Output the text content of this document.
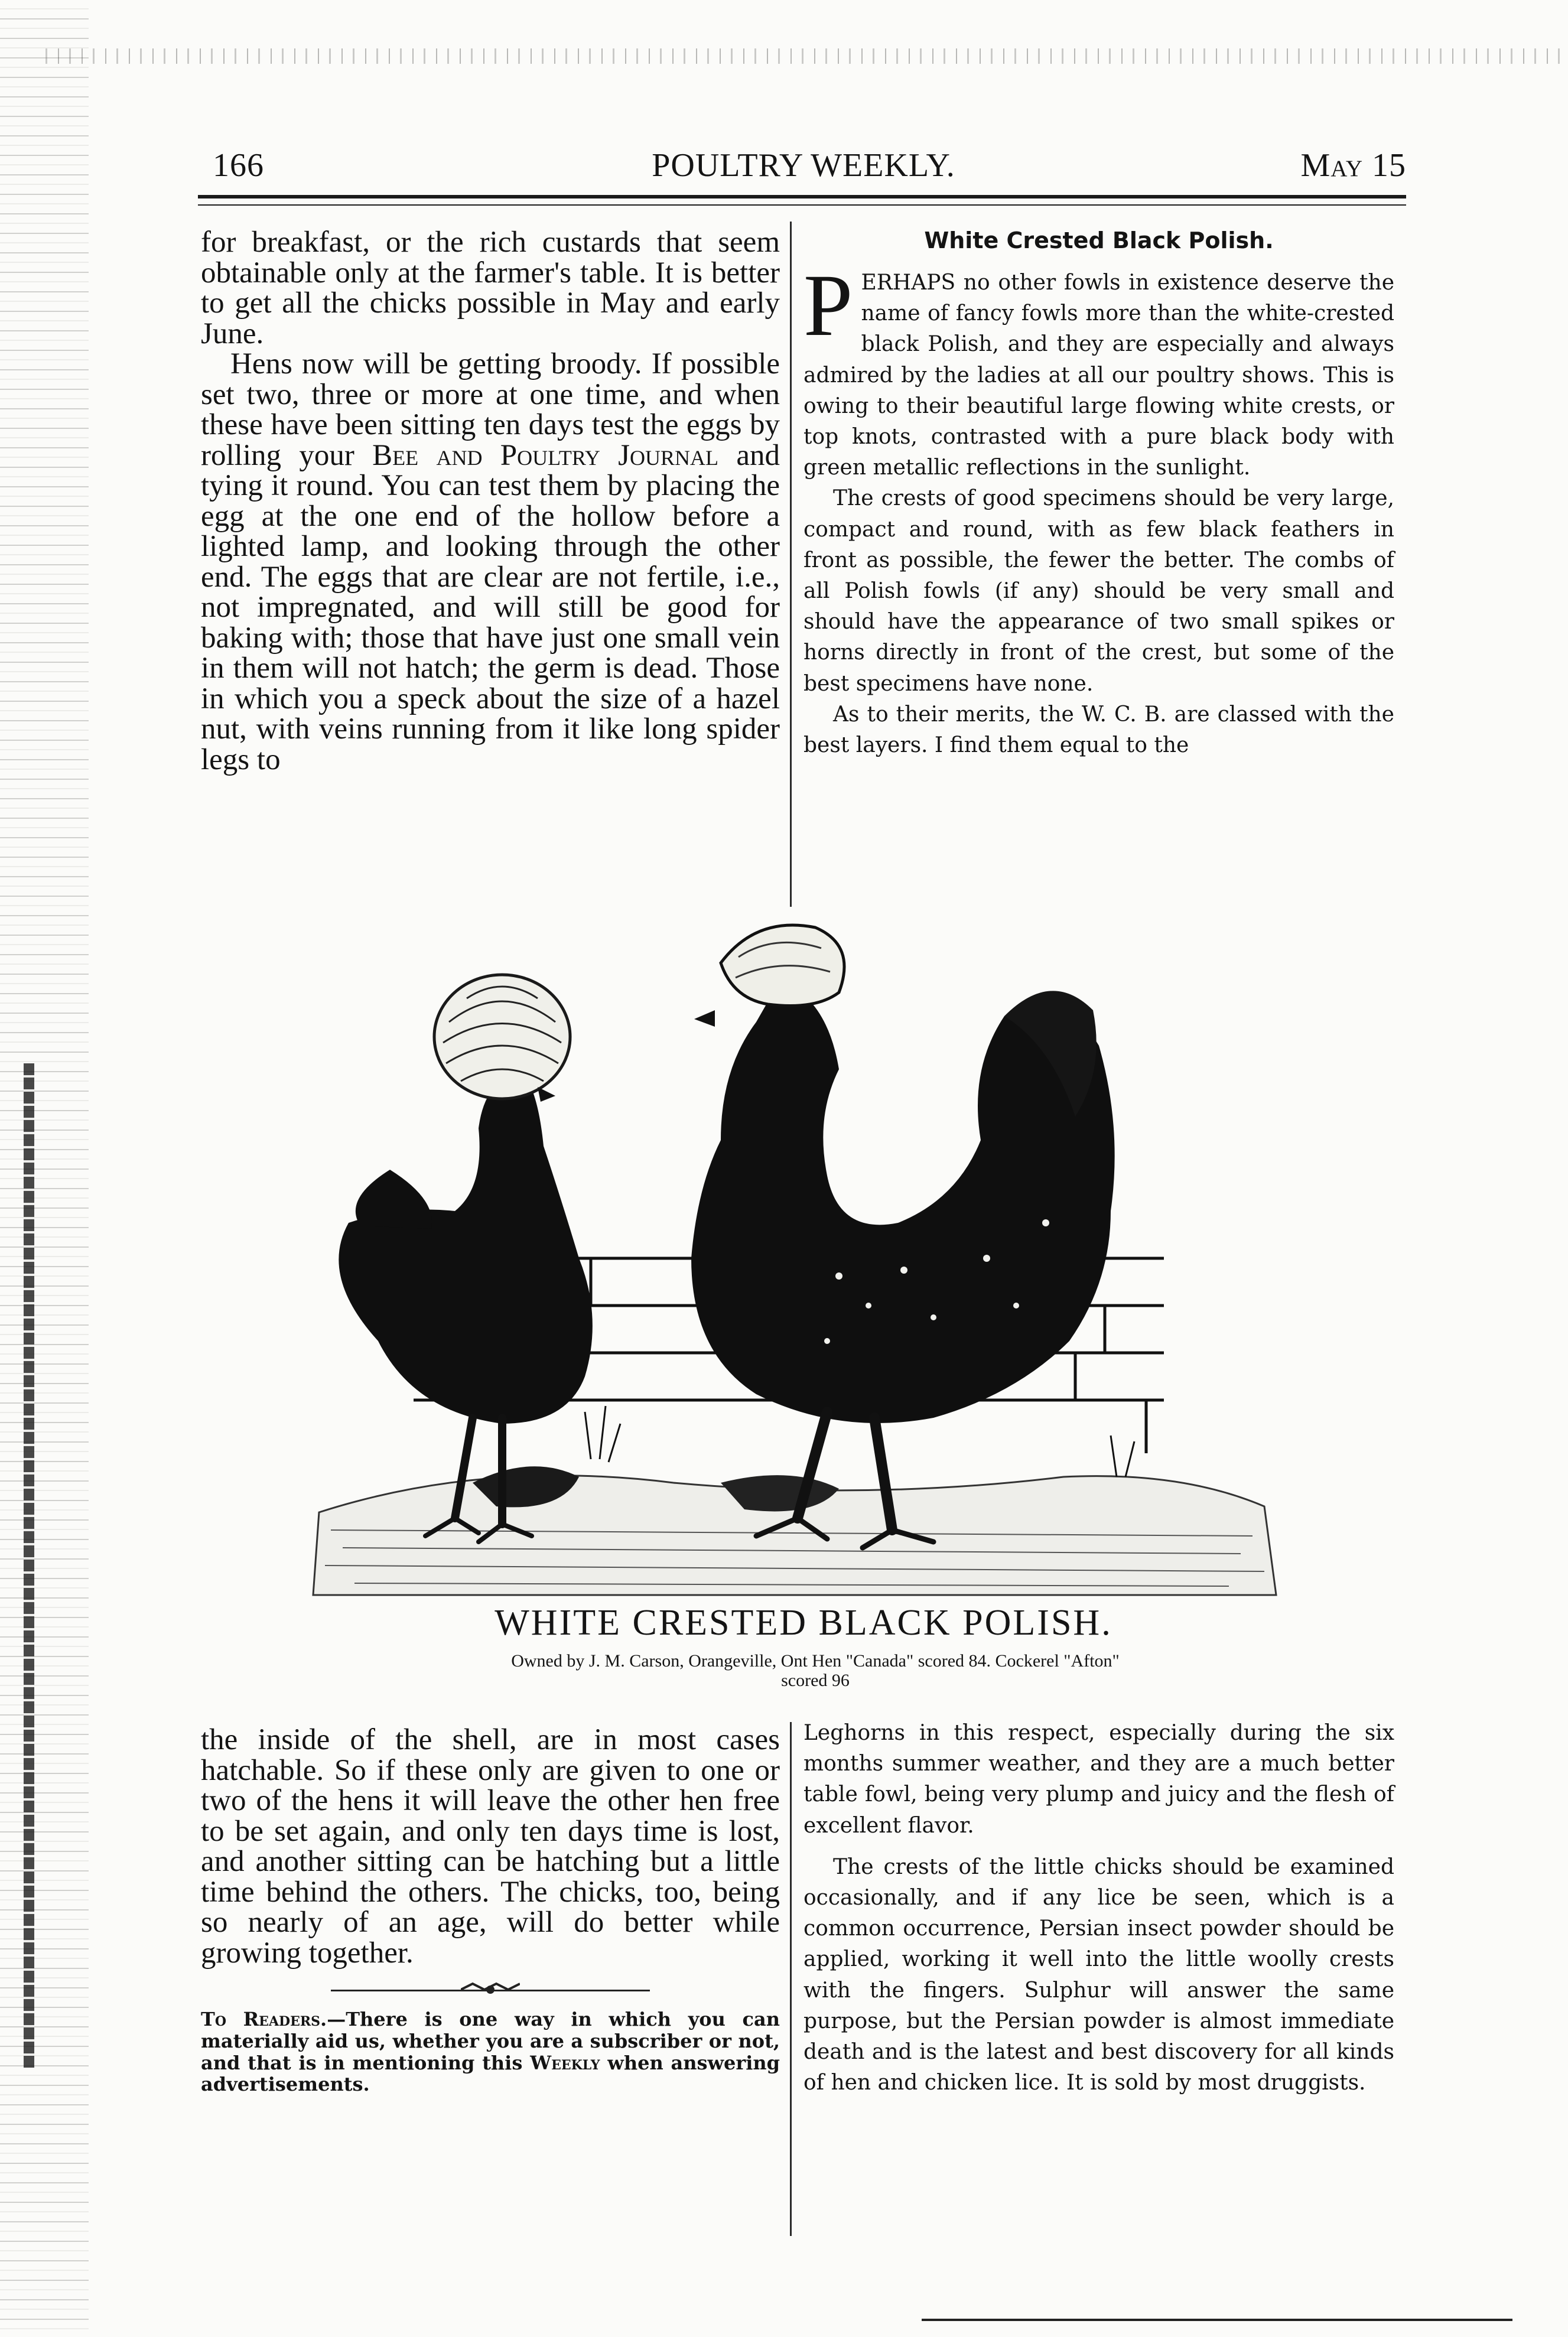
166	POULTRY WEEKLY.	May 15

for breakfast, or the rich custards that seem obtainable only at the farmer's table. It is better to get all the chicks possible in May and early June.

Hens now will be getting broody. If possible set two, three or more at one time, and when these have been sitting ten days test the eggs by rolling your Bee and Poultry Journal and tying it round. You can test them by placing the egg at the one end of the hollow before a lighted lamp, and looking through the other end. The eggs that are clear are not fertile, i.e., not impregnated, and will still be good for baking with; those that have just one small vein in them will not hatch; the germ is dead. Those in which you a speck about the size of a hazel nut, with veins running from it like long spider legs to

White Crested Black Polish.

PERHAPS no other fowls in existence deserve the name of fancy fowls more than the white-crested black Polish, and they are especially and always admired by the ladies at all our poultry shows. This is owing to their beautiful large flowing white crests, or top knots, contrasted with a pure black body with green metallic reflections in the sunlight.

The crests of good specimens should be very large, compact and round, with as few black feathers in front as possible, the fewer the better. The combs of all Polish fowls (if any) should be very small and should have the appearance of two small spikes or horns directly in front of the crest, but some of the best specimens have none.

As to their merits, the W. C. B. are classed with the best layers. I find them equal to the

WHITE CRESTED BLACK POLISH.
Owned by J. M. Carson, Orangeville, Ont Hen "Canada" scored 84. Cockerel "Afton"
scored 96

the inside of the shell, are in most cases hatchable. So if these only are given to one or two of the hens it will leave the other hen free to be set again, and only ten days time is lost, and another sitting can be hatching but a little time behind the others. The chicks, too, being so nearly of an age, will do better while growing together.

To Readers.—There is one way in which you can materially aid us, whether you are a subscriber or not, and that is in mentioning this Weekly when answering advertisements.

Leghorns in this respect, especially during the six months summer weather, and they are a much better table fowl, being very plump and juicy and the flesh of excellent flavor.

The crests of the little chicks should be examined occasionally, and if any lice be seen, which is a common occurrence, Persian insect powder should be applied, working it well into the little woolly crests with the fingers. Sulphur will answer the same purpose, but the Persian powder is almost immediate death and is the latest and best discovery for all kinds of hen and chicken lice. It is sold by most druggists.
